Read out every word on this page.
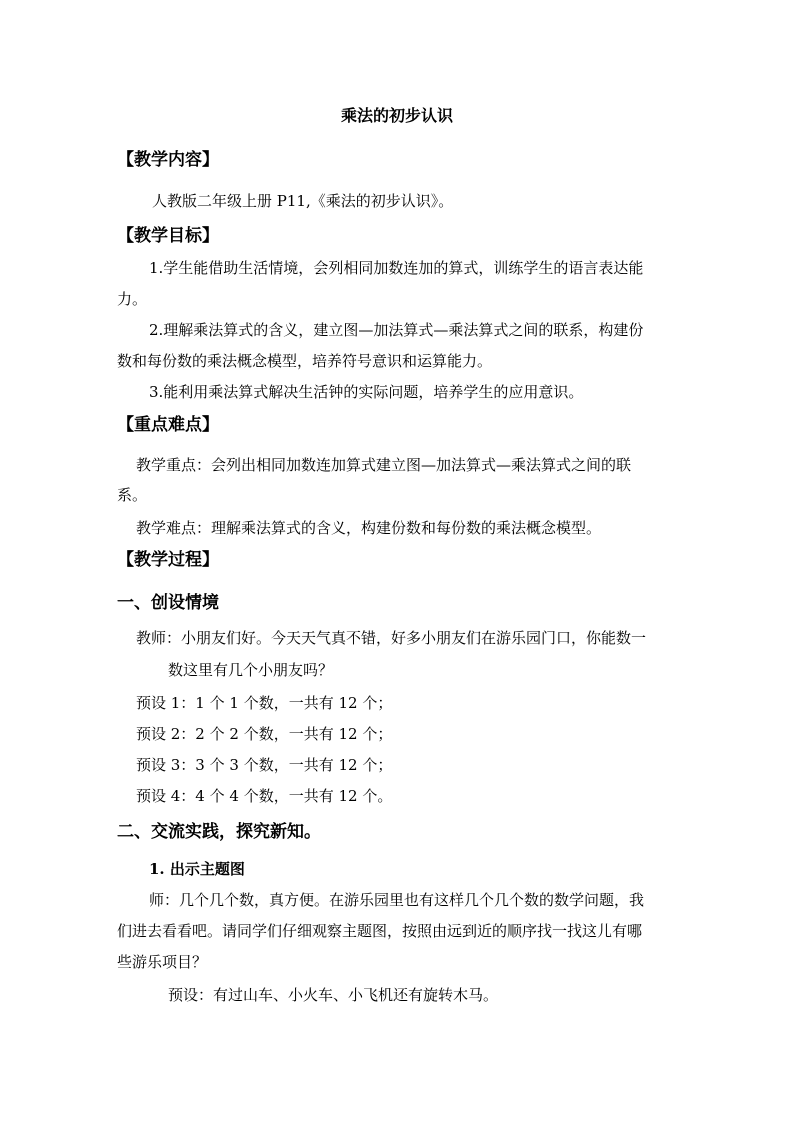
乘法的初步认识
【教学内容】
人教版二年级上册 P11,《乘法的初步认识》。
【教学目标】
1.学生能借助生活情境，会列相同加数连加的算式，训练学生的语言表达能
力。
2.理解乘法算式的含义，建立图—加法算式—乘法算式之间的联系，构建份
数和每份数的乘法概念模型，培养符号意识和运算能力。
3.能利用乘法算式解决生活钟的实际问题，培养学生的应用意识。
【重点难点】
教学重点：会列出相同加数连加算式建立图—加法算式—乘法算式之间的联
系。
教学难点：理解乘法算式的含义，构建份数和每份数的乘法概念模型。
【教学过程】
一、创设情境
教师：小朋友们好。今天天气真不错，好多小朋友们在游乐园门口，你能数一
数这里有几个小朋友吗？
预设 1：1 个 1 个数，一共有 12 个；
预设 2：2 个 2 个数，一共有 12 个；
预设 3：3 个 3 个数，一共有 12 个；
预设 4：4 个 4 个数，一共有 12 个。
二、交流实践，探究新知。
1. 出示主题图
师：几个几个数，真方便。在游乐园里也有这样几个几个数的数学问题，我
们进去看看吧。请同学们仔细观察主题图，按照由远到近的顺序找一找这儿有哪
些游乐项目？
预设：有过山车、小火车、小飞机还有旋转木马。
